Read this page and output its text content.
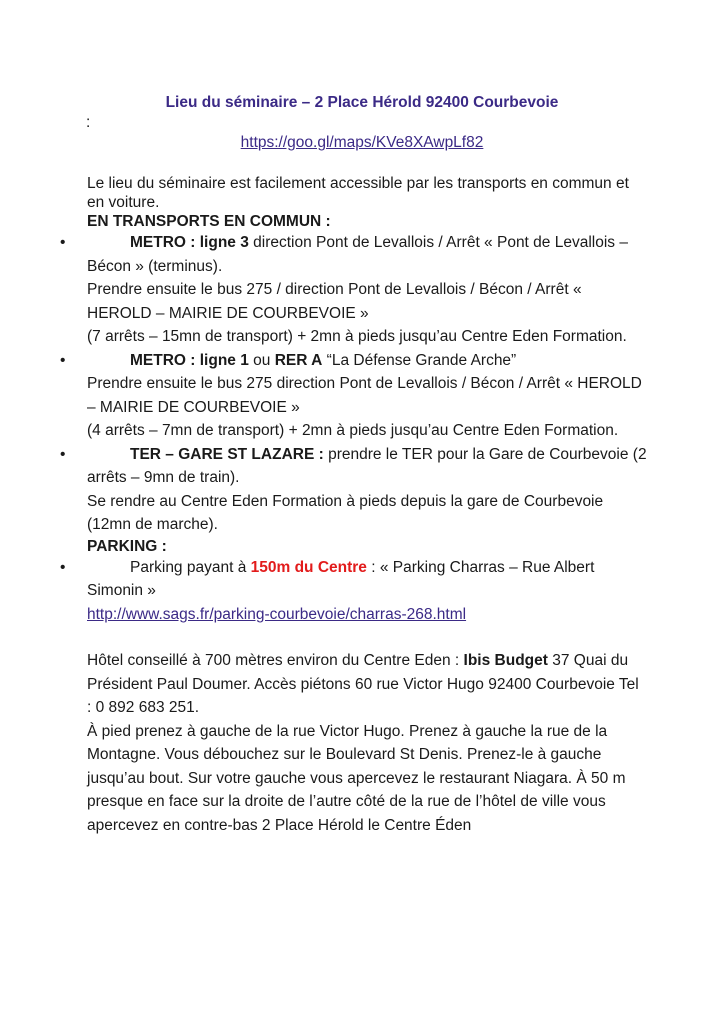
Lieu du séminaire – 2 Place Hérold 92400 Courbevoie
:
https://goo.gl/maps/KVe8XAwpLf82

Le lieu du séminaire est facilement accessible par les transports en commun et en voiture.

EN TRANSPORTS EN COMMUN :

•	METRO : ligne 3 direction Pont de Levallois / Arrêt « Pont de Levallois – Bécon » (terminus).
Prendre ensuite le bus 275 / direction Pont de Levallois / Bécon / Arrêt « HEROLD – MAIRIE DE COURBEVOIE »
(7 arrêts – 15mn de transport) + 2mn à pieds jusqu’au Centre Eden Formation.

•	METRO : ligne 1 ou RER A “La Défense Grande Arche”
Prendre ensuite le bus 275 direction Pont de Levallois / Bécon / Arrêt « HEROLD – MAIRIE DE COURBEVOIE »
(4 arrêts – 7mn de transport) + 2mn à pieds jusqu’au Centre Eden Formation.

•	TER – GARE ST LAZARE : prendre le TER pour la Gare de Courbevoie (2 arrêts – 9mn de train).
Se rendre au Centre Eden Formation à pieds depuis la gare de Courbevoie (12mn de marche).

PARKING :

•	Parking payant à 150m du Centre : « Parking Charras – Rue Albert Simonin »
http://www.sags.fr/parking-courbevoie/charras-268.html

Hôtel conseillé à 700 mètres environ du Centre Eden : Ibis Budget 37 Quai du Président Paul Doumer. Accès piétons 60 rue Victor Hugo 92400 Courbevoie Tel : 0 892 683 251.
À pied prenez à gauche de la rue Victor Hugo. Prenez à gauche la rue de la Montagne. Vous débouchez sur le Boulevard St Denis. Prenez-le à gauche jusqu’au bout. Sur votre gauche vous apercevez le restaurant Niagara. À 50 m presque en face sur la droite de l’autre côté de la rue de l’hôtel de ville vous apercevez en contre-bas 2 Place Hérold le Centre Éden
